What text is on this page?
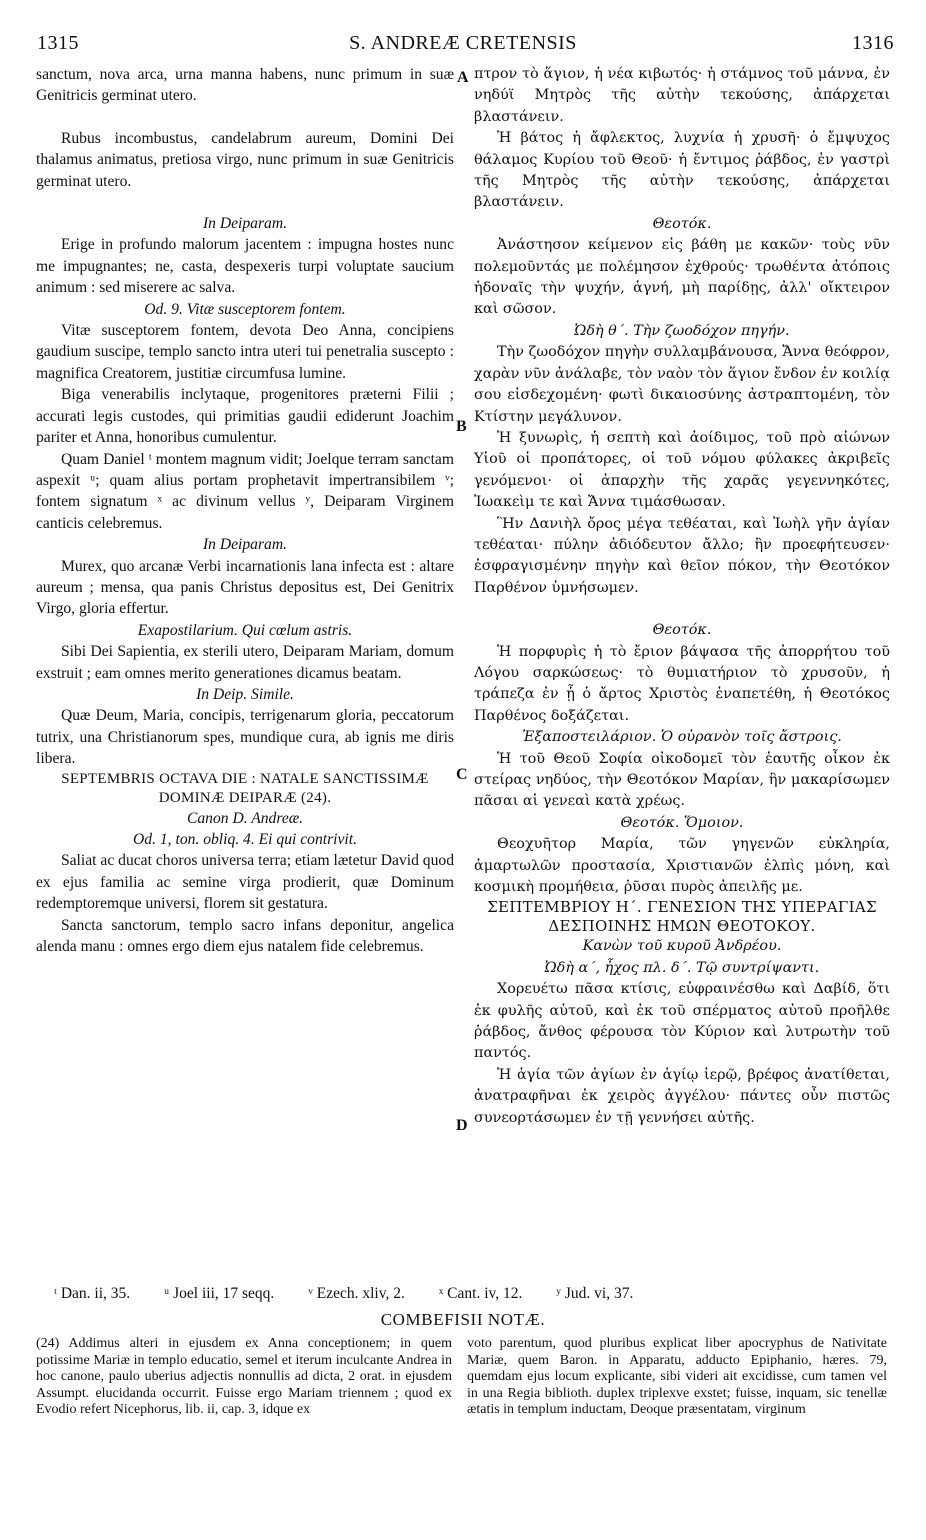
1315	S. ANDREÆ CRETENSIS	1316

sanctum, nova arca, urna manna habens, nunc primum in suæ Genitricis germinat utero.

Rubus incombustus, candelabrum aureum, Domini Dei thalamus animatus, pretiosa virgo, nunc primum in suæ Genitricis germinat utero.

In Deiparam.

Erige in profundo malorum jacentem : impugna hostes nunc me impugnantes; ne, casta, despexeris turpi voluptate saucium animum : sed miserere ac salva.

Od. 9. Vitæ susceptorem fontem.

Vitæ susceptorem fontem, devota Deo Anna, concipiens gaudium suscipe, templo sancto intra uteri tui penetralia suscepto : magnifica Creatorem, justitiæ circumfusa lumine.

Biga venerabilis inclytaque, progenitores præterni Filii ; accurati legis custodes, qui primitias gaudii ediderunt Joachim pariter et Anna, honoribus cumulentur.

Quam Daniel ᵗ montem magnum vidit; Joelque terram sanctam aspexit ᵘ; quam alius portam prophetavit impertransibilem ᵛ; fontem signatum ˣ ac divinum vellus ʸ, Deiparam Virginem canticis celebremus.

In Deiparam.

Murex, quo arcanæ Verbi incarnationis lana infecta est : altare aureum ; mensa, qua panis Christus depositus est, Dei Genitrix Virgo, gloria effertur.

Exapostilarium. Qui cœlum astris.

Sibi Dei Sapientia, ex sterili utero, Deiparam Mariam, domum exstruit ; eam omnes merito generationes dicamus beatam.

In Deip. Simile.

Quæ Deum, Maria, concipis, terrigenarum gloria, peccatorum tutrix, una Christianorum spes, mundique cura, ab ignis me diris libera.

SEPTEMBRIS OCTAVA DIE : NATALE SANCTISSIMÆ DOMINÆ DEIPARÆ (24).

Canon D. Andreæ.

Od. 1, ton. obliq. 4. Ei qui contrivit.

Saliat ac ducat choros universa terra; etiam lætetur David quod ex ejus familia ac semine virga prodierit, quæ Dominum redemptoremque universi, florem sit gestatura.

Sancta sanctorum, templo sacro infans deponitur, angelica alenda manu : omnes ergo diem ejus natalem fide celebremus.

πτρον τὸ ἅγιον, ἡ νέα κιβωτός· ἡ στάμνος τοῦ μάννα, ἐν νηδύϊ Μητρὸς τῆς αὐτὴν τεκούσης, ἀπάρχεται βλαστάνειν.

Ἡ βάτος ἡ ἄφλεκτος, λυχνία ἡ χρυσῆ· ὁ ἔμψυχος θάλαμος Κυρίου τοῦ Θεοῦ· ἡ ἔντιμος ῥάβδος, ἐν γαστρὶ τῆς Μητρὸς τῆς αὐτὴν τεκούσης, ἀπάρχεται βλαστάνειν.

Θεοτόκ.

Ἀνάστησον κείμενον εἰς βάθη με κακῶν· τοὺς νῦν πολεμοῦντάς με πολέμησον ἐχθρούς· τρωθέντα ἀτόποις ἡδοναῖς τὴν ψυχήν, ἁγνή, μὴ παρίδῃς, ἀλλ' οἴκτειρον καὶ σῶσον.

Ὠδὴ θ΄. Τὴν ζωοδόχον πηγήν.

Τὴν ζωοδόχον πηγὴν συλλαμβάνουσα, Ἄννα θεόφρον, χαρὰν νῦν ἀνάλαβε, τὸν ναὸν τὸν ἅγιον ἔνδον ἐν κοιλίᾳ σου εἰσδεχομένη· φωτὶ δικαιοσύνης ἀστραπτομένη, τὸν Κτίστην μεγάλυνον.

Ἡ ξυνωρὶς, ἡ σεπτὴ καὶ ἀοίδιμος, τοῦ πρὸ αἰώνων Υἱοῦ οἱ προπάτορες, οἱ τοῦ νόμου φύλακες ἀκριβεῖς γενόμενοι· οἱ ἀπαρχὴν τῆς χαρᾶς γεγεννηκότες, Ἰωακεὶμ τε καὶ Ἄννα τιμάσθωσαν.

Ἣν Δανιὴλ ὄρος μέγα τεθέαται, καὶ Ἰωὴλ γῆν ἁγίαν τεθέαται· πύλην ἀδιόδευτον ἄλλο; ἣν προεφήτευσεν· ἐσφραγισμένην πηγὴν καὶ θεῖον πόκον, τὴν Θεοτόκον Παρθένον ὑμνήσωμεν.

Θεοτόκ.

Ἡ πορφυρὶς ἡ τὸ ἔριον βάψασα τῆς ἀπορρήτου τοῦ Λόγου σαρκώσεως· τὸ θυμιατήριον τὸ χρυσοῦν, ἡ τράπεζα ἐν ᾗ ὁ ἄρτος Χριστὸς ἐναπετέθη, ἡ Θεοτόκος Παρθένος δοξάζεται.

Ἐξαποστειλάριον. Ὁ οὐρανὸν τοῖς ἄστροις.

Ἡ τοῦ Θεοῦ Σοφία οἰκοδομεῖ τὸν ἑαυτῆς οἶκον ἐκ στείρας νηδύος, τὴν Θεοτόκον Μαρίαν, ἣν μακαρίσωμεν πᾶσαι αἱ γενεαὶ κατὰ χρέως.

Θεοτόκ. Ὅμοιον.

Θεοχυῆτορ Μαρία, τῶν γηγενῶν εὐκληρία, ἁμαρτωλῶν προστασία, Χριστιανῶν ἐλπὶς μόνη, καὶ κοσμικὴ προμήθεια, ῥῦσαι πυρὸς ἀπειλῆς με.

ΣΕΠΤΕΜΒΡΙΟΥ Η΄. ΓΕΝΕΣΙΟΝ ΤΗΣ ΥΠΕΡΑΓΙΑΣ ΔΕΣΠΟΙΝΗΣ ΗΜΩΝ ΘΕΟΤΟΚΟΥ.

Κανὼν τοῦ κυροῦ Ἀνδρέου.

Ὠδὴ α΄, ἦχος πλ. δ΄. Τῷ συντρίψαντι.

Χορευέτω πᾶσα κτίσις, εὐφραινέσθω καὶ Δαβίδ, ὅτι ἐκ φυλῆς αὐτοῦ, καὶ ἐκ τοῦ σπέρματος αὐτοῦ προῆλθε ῥάβδος, ἄνθος φέρουσα τὸν Κύριον καὶ λυτρωτὴν τοῦ παντός.

Ἡ ἁγία τῶν ἁγίων ἐν ἁγίῳ ἱερῷ, βρέφος ἀνατίθεται, ἀνατραφῆναι ἐκ χειρὸς ἀγγέλου· πάντες οὖν πιστῶς συνεορτάσωμεν ἐν τῇ γεννήσει αὐτῆς.

A
B
C
D
ᵗ Dan. ii, 35. ᵘ Joel iii, 17 seqq. ᵛ Ezech. xliv, 2. ˣ Cant. iv, 12. ʸ Jud. vi, 37.
COMBEFISII NOTÆ.

(24) Addimus alteri in ejusdem ex Anna conceptionem; in quem potissime Mariæ in templo educatio, semel et iterum inculcante Andrea in hoc canone, paulo uberius adjectis nonnullis ad dicta, 2 orat. in ejusdem Assumpt. elucidanda occurrit. Fuisse ergo Mariam triennem ; quod ex Evodio refert Nicephorus, lib. ii, cap. 3, idque ex

voto parentum, quod pluribus explicat liber apocryphus de Nativitate Mariæ, quem Baron. in Apparatu, adducto Epiphanio, hæres. 79, quemdam ejus locum explicante, sibi videri ait excidisse, cum tamen vel in una Regia biblioth. duplex triplexve exstet; fuisse, inquam, sic tenellæ ætatis in templum inductam, Deoque præsentatam, virginum
